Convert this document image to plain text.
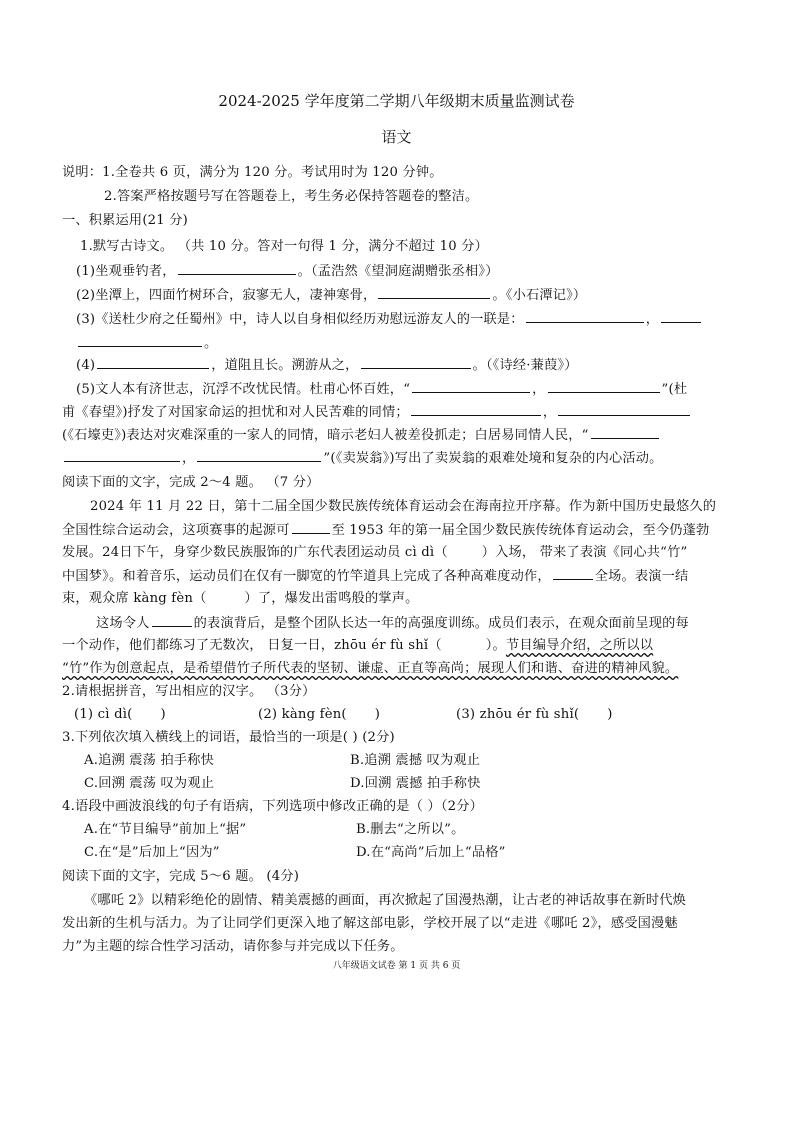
2024-2025 学年度第二学期八年级期末质量监测试卷
语文
说明：1.全卷共 6 页，满分为 120 分。考试用时为 120 分钟。
2.答案严格按题号写在答题卷上，考生务必保持答题卷的整洁。
一、积累运用(21 分)
1.默写古诗文。 （共 10 分。答对一句得 1 分，满分不超过 10 分）
(1)坐观垂钓者，	。（孟浩然《望洞庭湖赠张丞相》）
(2)坐潭上，四面竹树环合，寂寥无人，凄神寒骨，	。《小石潭记》）
(3)《送杜少府之任蜀州》中，诗人以自身相似经历劝慰远游友人的一联是：	，
。
(4)	，道阻且长。溯游从之，	。（《诗经·蒹葭》）
(5)文人本有济世志，沉浮不改忧民情。杜甫心怀百姓，“	，	”(杜
甫《春望》)抒发了对国家命运的担忧和对人民苦难的同情；	，
(《石壕吏》)表达对灾难深重的一家人的同情，暗示老妇人被差役抓走；白居易同情人民，“
，	”(《卖炭翁》)写出了卖炭翁的艰难处境和复杂的内心活动。
阅读下面的文字，完成 2～4 题。 （7 分）
2024 年 11 月 22 日，第十二届全国少数民族传统体育运动会在海南拉开序幕。作为新中国历史最悠久的
全国性综合运动会，这项赛事的起源可	至 1953 年的第一届全国少数民族传统体育运动会，至今仍蓬勃
发展。24日下午，身穿少数民族服饰的广东代表团运动员 cì dì（	）入场， 带来了表演《同心共“竹”
中国梦》。和着音乐，运动员们在仅有一脚宽的竹竿道具上完成了各种高难度动作，	全场。表演一结
束，观众席 kàng fèn（	）了，爆发出雷鸣般的掌声。
这场令人	的表演背后，是整个团队长达一年的高强度训练。成员们表示，在观众面前呈现的每
一个动作，他们都练习了无数次， 日复一日，zhōu ér fù shǐ（	）。节目编导介绍，之所以以
“竹”作为创意起点，是希望借竹子所代表的坚韧、谦虚、正直等高尚；展现人们和谐、奋进的精神风貌。
2.请根据拼音，写出相应的汉字。 （3分）
(1) cì dì( )	(2) kàng fèn( )	(3) zhōu ér fù shǐ( )
3.下列依次填入横线上的词语，最恰当的一项是( ) (2分)
A.追溯 震荡 拍手称快	B.追溯 震撼 叹为观止
C.回溯 震荡 叹为观止	D.回溯 震撼 拍手称快
4.语段中画波浪线的句子有语病，下列选项中修改正确的是（ ）（2分）
A.在“节目编导”前加上“据”	B.删去“之所以”。
C.在“是”后加上“因为”	D.在“高尚”后加上“品格”
阅读下面的文字，完成 5～6 题。 (4分)
《哪吒 2》以精彩绝伦的剧情、精美震撼的画面，再次掀起了国漫热潮，让古老的神话故事在新时代焕
发出新的生机与活力。为了让同学们更深入地了解这部电影，学校开展了以“走进《哪吒 2》，感受国漫魅
力”为主题的综合性学习活动，请你参与并完成以下任务。
八年级语文试卷 第 1 页 共 6 页
